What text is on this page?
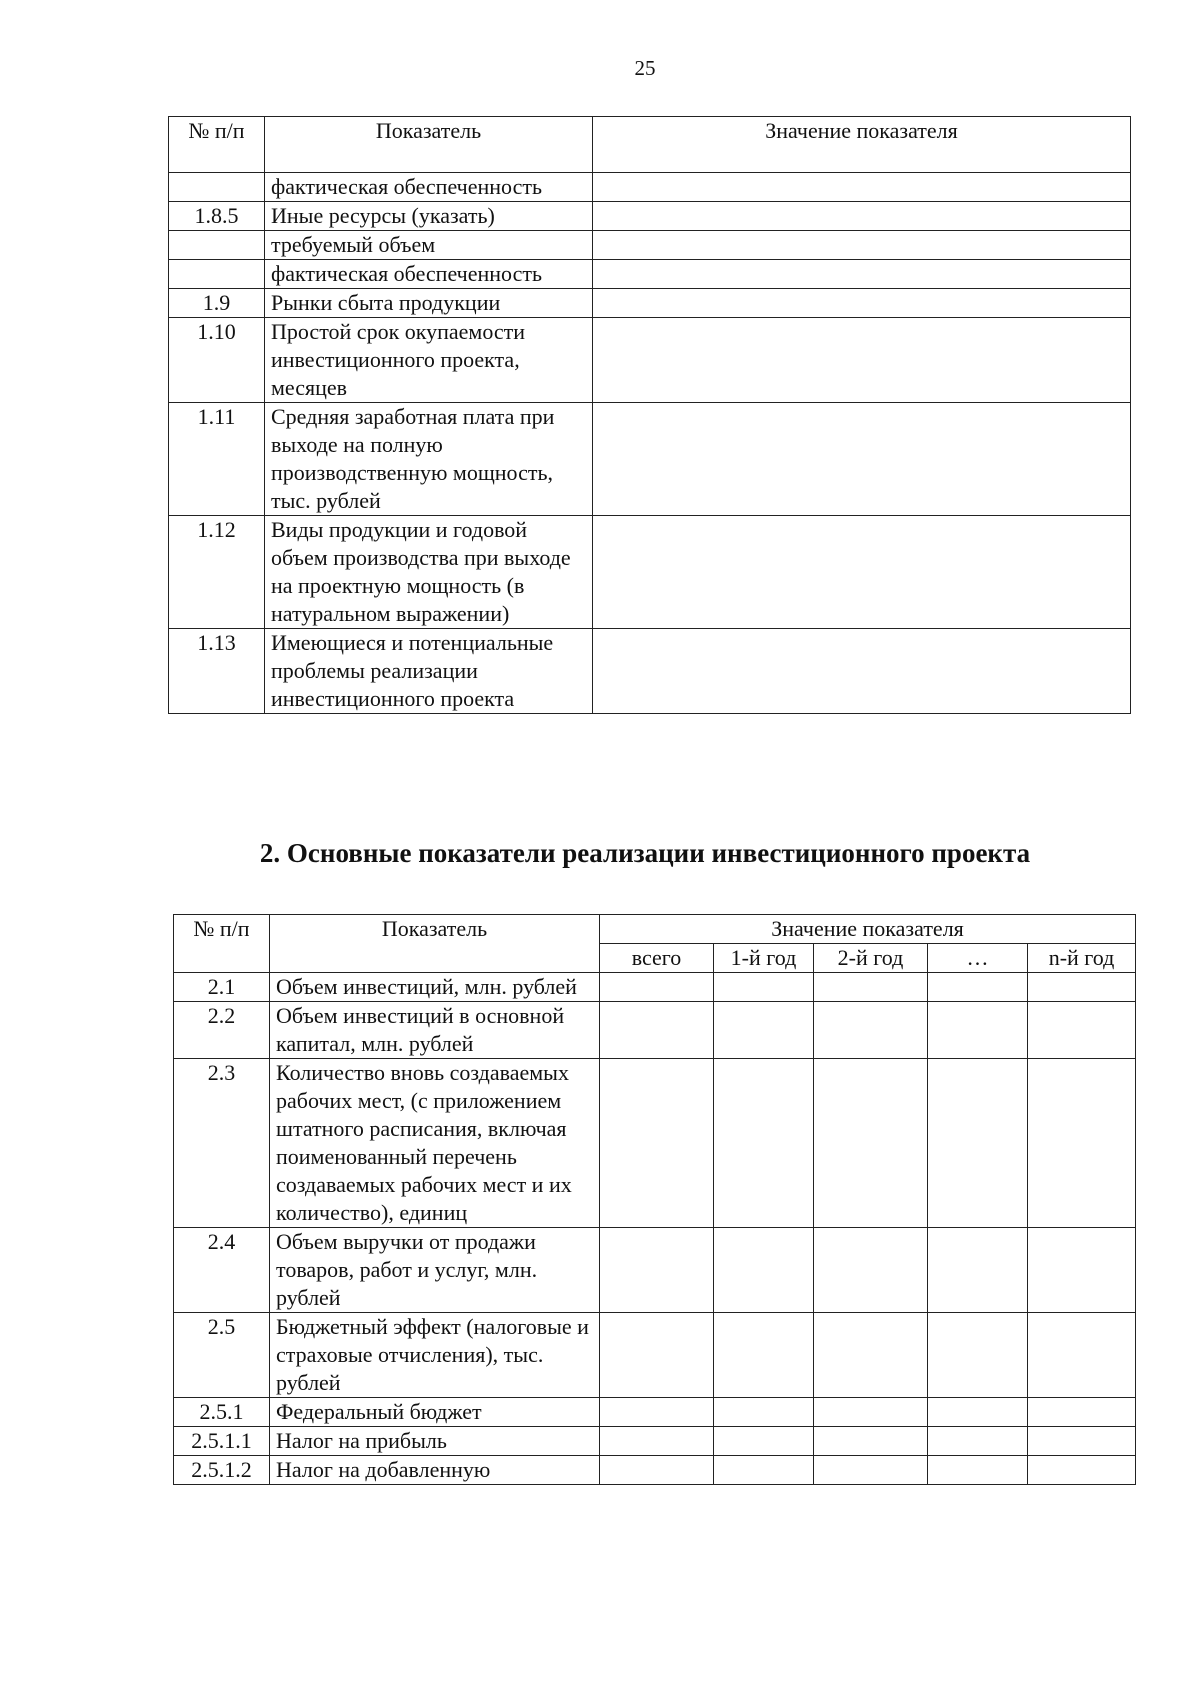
25
№ п/п	Показатель	Значение показателя
	фактическая обеспеченность	
1.8.5	Иные ресурсы (указать)	
	требуемый объем	
	фактическая обеспеченность	
1.9	Рынки сбыта продукции	
1.10	Простой срок окупаемости инвестиционного проекта, месяцев	
1.11	Средняя заработная плата при выходе на полную производственную мощность, тыс. рублей	
1.12	Виды продукции и годовой объем производства при выходе на проектную мощность (в натуральном выражении)	
1.13	Имеющиеся и потенциальные проблемы реализации инвестиционного проекта	
2. Основные показатели реализации инвестиционного проекта
№ п/п	Показатель	Значение показателя				
		всего	1-й год	2-й год	…	n-й год
2.1	Объем инвестиций, млн. рублей					
2.2	Объем инвестиций в основной капитал, млн. рублей					
2.3	Количество вновь создаваемых рабочих мест, (с приложением штатного расписания, включая поименованный перечень создаваемых рабочих мест и их количество), единиц					
2.4	Объем выручки от продажи товаров, работ и услуг, млн. рублей					
2.5	Бюджетный эффект (налоговые и страховые отчисления), тыс. рублей					
2.5.1	Федеральный бюджет					
2.5.1.1	Налог на прибыль					
2.5.1.2	Налог на добавленную					
